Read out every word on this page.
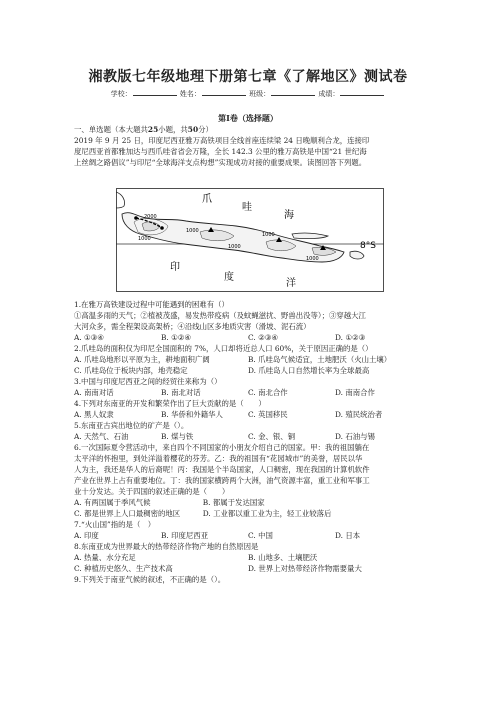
湘教版七年级地理下册第七章《了解地区》测试卷
学校：	姓名：	班级：	成绩：
第Ⅰ卷（选择题）
一、单选题（本大题共25小题，共50分）
2019 年 9 月 25 日，印度尼西亚雅万高铁项目全线首座连续梁 24 日晚顺利合龙，连接印
度尼西亚首都雅加达与西爪哇省省会万隆，全长 142.3 公里的雅万高铁是中国“21 世纪海
上丝绸之路倡议”与印尼“全球海洋支点构想”实现成功对接的重要成果。读图回答下列题。
爪
哇
海
印
度
洋
8°S
2000
1000
1000
1000
1000
1000
1.在雅万高铁建设过程中可能遇到的困难有（）
①高温多雨的天气；②植被茂盛，易发热带疫病（及蚊蝇滋扰、野兽出没等）；③穿越大江
大河众多，需全程架设高架桥；④沿线山区多地质灾害（滑坡、泥石流）
A. ①③④	B. ①②④	C. ②③④	D. ①②③
2.爪哇岛的面积仅为印尼全国面积的 7%，人口却将近总人口 60%，关于原因正确的是（）
A. 爪哇岛地形以平原为主，耕地面积广阔	B. 爪哇岛气候适宜，土地肥沃（火山土壤）
C. 爪哇岛位于板块内部，地壳稳定	D. 爪哇岛人口自然增长率为全球最高
3.中国与印度尼西亚之间的经贸往来称为（）
A. 南南对话	B. 南北对话	C. 南北合作	D. 南南合作
4.下列对东南亚的开发和繁荣作出了巨大贡献的是（　　）
A. 黑人奴隶	B. 华侨和外籍华人	C. 英国移民	D. 殖民统治者
5.东南亚古宾出地位的矿产是（）。
A. 天然气、石油	B. 煤与铁	C. 金、银、铜	D. 石油与锡
6.一次国际夏令营活动中，来自四个不同国家的小朋友介绍自己的国家。甲：我的祖国躺在
太平洋的怀抱里，到处洋溢着樱花的芬芳。乙：我的祖国有“花园城市”的美誉，居民以华
人为主，我还是华人的后裔呢！丙：我国是个半岛国家，人口稠密，现在我国的计算机软件
产业在世界上占有重要地位。丁：我的国家横跨两个大洲，油气资源丰富，重工业和军事工
业十分发达。关于四国的叙述正确的是（　　）
A. 有两国属于季风气候	B. 都属于发达国家
C. 都是世界上人口最稠密的地区	D. 工业都以重工业为主，轻工业较落后
7.“火山国”指的是（　）
A. 印度	B. 印度尼西亚	C. 中国	D. 日本
8.东南亚成为世界最大的热带经济作物产地的自然原因是
A. 热量、水分充足	B. 山地多、土壤肥沃
C. 种植历史悠久、生产技术高	D. 世界上对热带经济作物需要量大
9.下列关于南亚气候的叙述，不正确的是（）。
